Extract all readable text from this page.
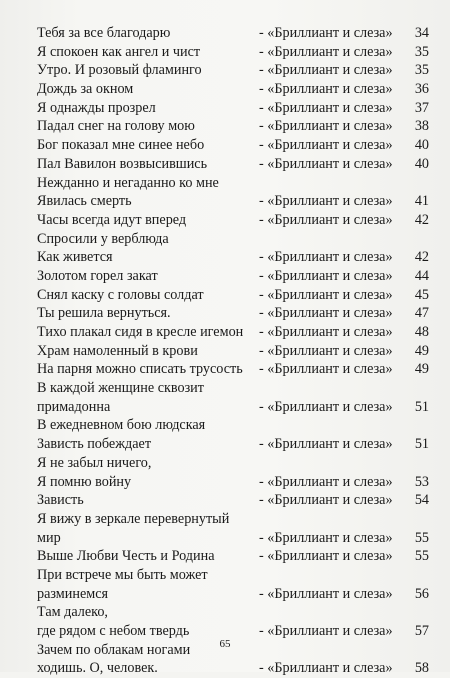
Тебя за все благодарю	- «Бриллиант и слеза»	34
Я спокоен как ангел и чист	- «Бриллиант и слеза»	35
Утро. И розовый фламинго	- «Бриллиант и слеза»	35
Дождь за окном	- «Бриллиант и слеза»	36
Я однажды прозрел	- «Бриллиант и слеза»	37
Падал снег на голову мою	- «Бриллиант и слеза»	38
Бог показал мне синее небо	- «Бриллиант и слеза»	40
Пал Вавилон возвысившись	- «Бриллиант и слеза»	40
Нежданно и негаданно ко мне
Явилась смерть	- «Бриллиант и слеза»	41
Часы всегда идут вперед	- «Бриллиант и слеза»	42
Спросили у верблюда
Как живется	- «Бриллиант и слеза»	42
Золотом горел закат	- «Бриллиант и слеза»	44
Снял каску с головы солдат	- «Бриллиант и слеза»	45
Ты решила вернуться.	- «Бриллиант и слеза»	47
Тихо плакал сидя в кресле игемон - «Бриллиант и слеза»	48
Храм намоленный в крови	- «Бриллиант и слеза»	49
На парня можно списать трусость - «Бриллиант и слеза»	49
В каждой женщине сквозит
примадонна	- «Бриллиант и слеза»	51
В ежедневном бою людская
Зависть побеждает	- «Бриллиант и слеза»	51
Я не забыл ничего,
Я помню войну	- «Бриллиант и слеза»	53
Зависть	- «Бриллиант и слеза»	54
Я вижу в зеркале перевернутый
мир	- «Бриллиант и слеза»	55
Выше Любви Честь и Родина	- «Бриллиант и слеза»	55
При встрече мы быть может
разминемся	- «Бриллиант и слеза»	56
Там далеко,
где рядом с небом твердь	- «Бриллиант и слеза»	57
Зачем по облакам ногами
ходишь. О, человек.	- «Бриллиант и слеза»	58
65
